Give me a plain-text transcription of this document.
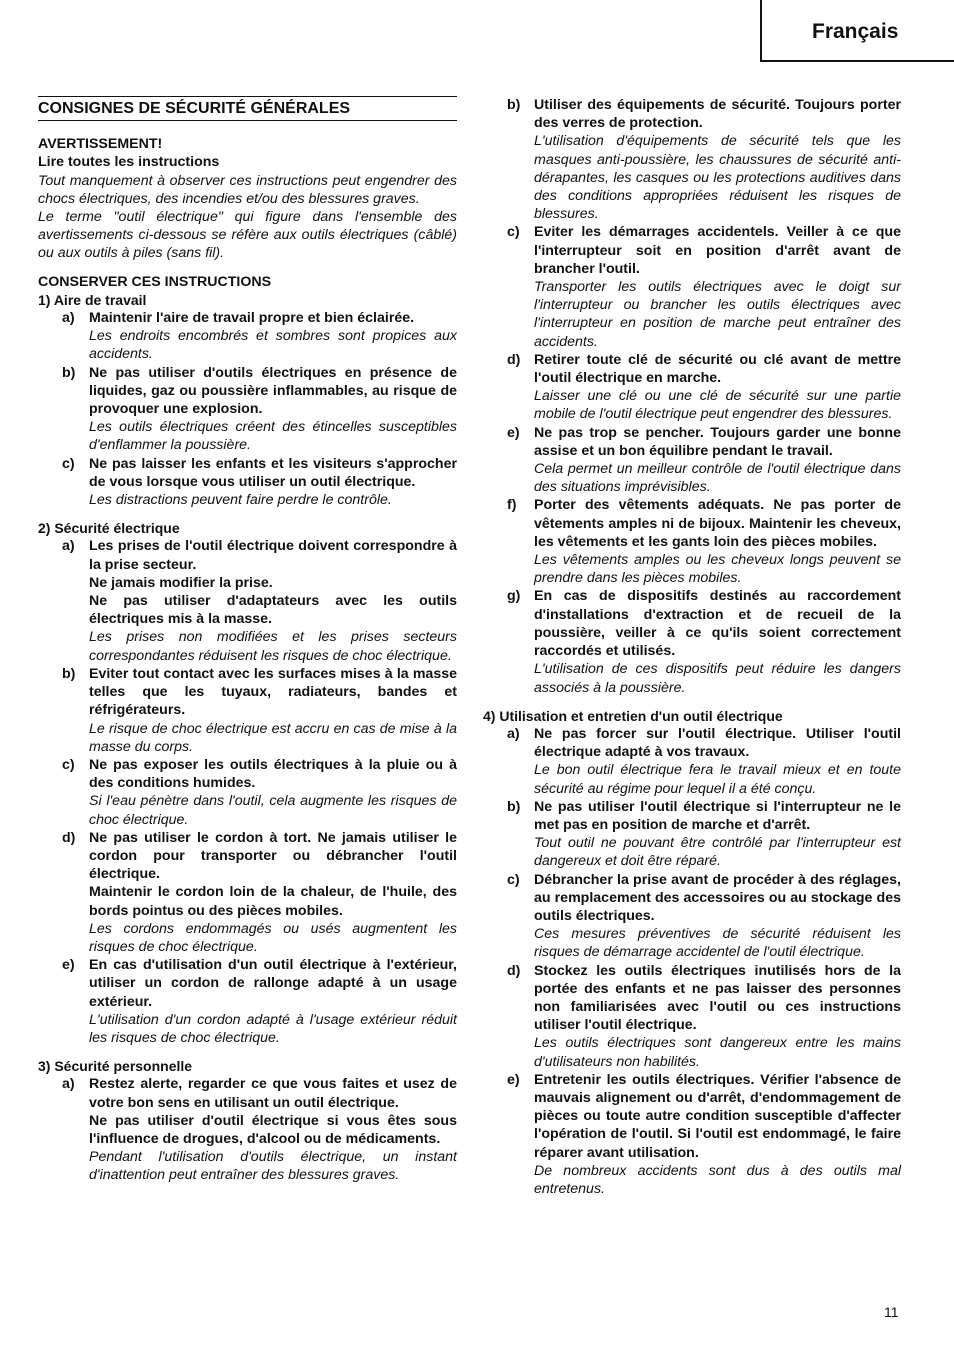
Français
CONSIGNES DE SÉCURITÉ GÉNÉRALES

AVERTISSEMENT!

Lire toutes les instructions

Tout manquement à observer ces instructions peut engendrer des chocs électriques, des incendies et/ou des blessures graves.

Le terme "outil électrique" qui figure dans l'ensemble des avertissements ci-dessous se réfère aux outils électriques (câblé) ou aux outils à piles (sans fil).

CONSERVER CES INSTRUCTIONS

1) Aire de travail

a)	Maintenir l'aire de travail propre et bien éclairée.

Les endroits encombrés et sombres sont propices aux accidents.

b) Ne pas utiliser d'outils électriques en présence de liquides, gaz ou poussière inflammables, au risque de provoquer une explosion.

Les outils électriques créent des étincelles susceptibles d'enflammer la poussière.

c)	Ne pas laisser les enfants et les visiteurs s'approcher de vous lorsque vous utiliser un outil électrique.

Les distractions peuvent faire perdre le contrôle.

2) Sécurité électrique

a)	Les prises de l'outil électrique doivent correspondre à la prise secteur.

Ne jamais modifier la prise.

Ne pas utiliser d'adaptateurs avec les outils électriques mis à la masse.

Les prises non modifiées et les prises secteurs correspondantes réduisent les risques de choc électrique.

b) Eviter tout contact avec les surfaces mises à la masse telles que les tuyaux, radiateurs, bandes et réfrigérateurs.

Le risque de choc électrique est accru en cas de mise à la masse du corps.

c)	Ne pas exposer les outils électriques à la pluie ou à des conditions humides.

Si l'eau pénètre dans l'outil, cela augmente les risques de choc électrique.

d) Ne pas utiliser le cordon à tort. Ne jamais utiliser le cordon pour transporter ou débrancher l'outil électrique.

Maintenir le cordon loin de la chaleur, de l'huile, des bords pointus ou des pièces mobiles.

Les cordons endommagés ou usés augmentent les risques de choc électrique.

e)	En cas d'utilisation d'un outil électrique à l'extérieur, utiliser un cordon de rallonge adapté à un usage extérieur.

L'utilisation d'un cordon adapté à l'usage extérieur réduit les risques de choc électrique.

3) Sécurité personnelle

a)	Restez alerte, regarder ce que vous faites et usez de votre bon sens en utilisant un outil électrique.

Ne pas utiliser d'outil électrique si vous êtes sous l'influence de drogues, d'alcool ou de médicaments.

Pendant l'utilisation d'outils électrique, un instant d'inattention peut entraîner des blessures graves.

b) Utiliser des équipements de sécurité. Toujours porter des verres de protection.

L'utilisation d'équipements de sécurité tels que les masques anti-poussière, les chaussures de sécurité anti-dérapantes, les casques ou les protections auditives dans des conditions appropriées réduisent les risques de blessures.

c)	Eviter les démarrages accidentels. Veiller à ce que l'interrupteur soit en position d'arrêt avant de brancher l'outil.

Transporter les outils électriques avec le doigt sur l'interrupteur ou brancher les outils électriques avec l'interrupteur en position de marche peut entraîner des accidents.

d) Retirer toute clé de sécurité ou clé avant de mettre l'outil électrique en marche.

Laisser une clé ou une clé de sécurité sur une partie mobile de l'outil électrique peut engendrer des blessures.

e)	Ne pas trop se pencher. Toujours garder une bonne assise et un bon équilibre pendant le travail.

Cela permet un meilleur contrôle de l'outil électrique dans des situations imprévisibles.

f)	Porter des vêtements adéquats. Ne pas porter de vêtements amples ni de bijoux. Maintenir les cheveux, les vêtements et les gants loin des pièces mobiles.

Les vêtements amples ou les cheveux longs peuvent se prendre dans les pièces mobiles.

g) En cas de dispositifs destinés au raccordement d'installations d'extraction et de recueil de la poussière, veiller à ce qu'ils soient correctement raccordés et utilisés.

L'utilisation de ces dispositifs peut réduire les dangers associés à la poussière.

4) Utilisation et entretien d'un outil électrique

a)	Ne pas forcer sur l'outil électrique. Utiliser l'outil électrique adapté à vos travaux.

Le bon outil électrique fera le travail mieux et en toute sécurité au régime pour lequel il a été conçu.

b) Ne pas utiliser l'outil électrique si l'interrupteur ne le met pas en position de marche et d'arrêt.

Tout outil ne pouvant être contrôlé par l'interrupteur est dangereux et doit être réparé.

c)	Débrancher la prise avant de procéder à des réglages, au remplacement des accessoires ou au stockage des outils électriques.

Ces mesures préventives de sécurité réduisent les risques de démarrage accidentel de l'outil électrique.

d) Stockez les outils électriques inutilisés hors de la portée des enfants et ne pas laisser des personnes non familiarisées avec l'outil ou ces instructions utiliser l'outil électrique.

Les outils électriques sont dangereux entre les mains d'utilisateurs non habilités.

e)	Entretenir les outils électriques. Vérifier l'absence de mauvais alignement ou d'arrêt, d'endommagement de pièces ou toute autre condition susceptible d'affecter l'opération de l'outil. Si l'outil est endommagé, le faire réparer avant utilisation.

De nombreux accidents sont dus à des outils mal entretenus.

11
